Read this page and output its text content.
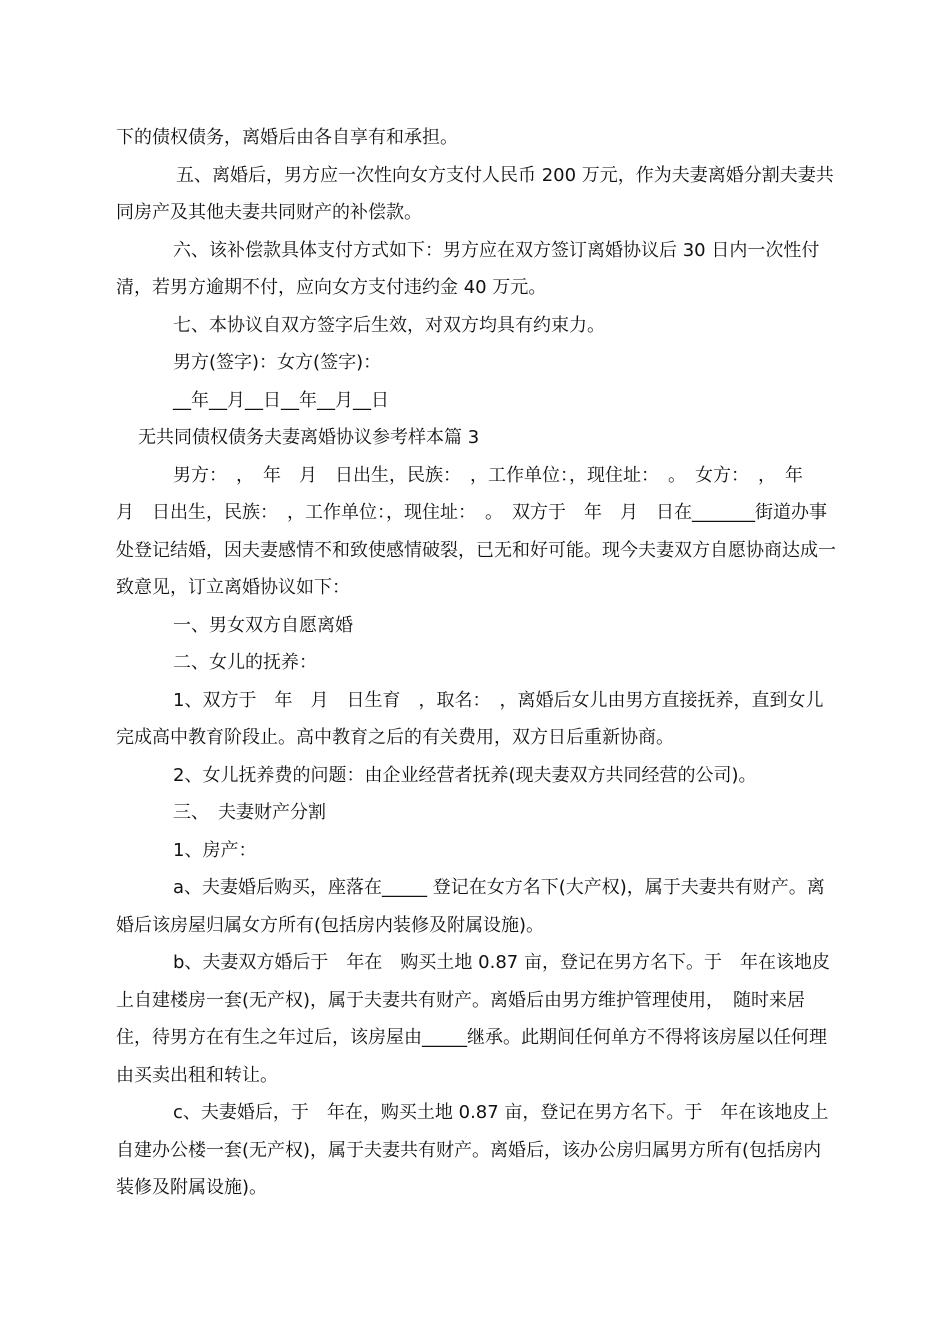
下的债权债务，离婚后由各自享有和承担。

五、离婚后，男方应一次性向女方支付人民币 200 万元，作为夫妻离婚分割夫妻共同房产及其他夫妻共同财产的补偿款。

六、该补偿款具体支付方式如下：男方应在双方签订离婚协议后 30 日内一次性付清，若男方逾期不付，应向女方支付违约金 40 万元。

七、本协议自双方签字后生效，对双方均具有约束力。

男方(签字)：女方(签字)：

__年__月__日__年__月__日

无共同债权债务夫妻离婚协议参考样本篇 3

男方：　，　年　月　日出生，民族：　，工作单位：，现住址：　。　女方：　，　年　月　日出生，民族：　，工作单位：，现住址：　。　双方于　年　月　日在_______街道办事处登记结婚，因夫妻感情不和致使感情破裂，已无和好可能。现今夫妻双方自愿协商达成一致意见，订立离婚协议如下：

一、男女双方自愿离婚

二、女儿的抚养：

1、双方于　年　月　日生育　，取名：　，离婚后女儿由男方直接抚养，直到女儿完成高中教育阶段止。高中教育之后的有关费用，双方日后重新协商。

2、女儿抚养费的问题：由企业经营者抚养(现夫妻双方共同经营的公司)。

三、　夫妻财产分割

1、房产：

a、夫妻婚后购买，座落在_____ 登记在女方名下(大产权)，属于夫妻共有财产。离婚后该房屋归属女方所有(包括房内装修及附属设施)。

b、夫妻双方婚后于　年在　购买土地 0.87 亩，登记在男方名下。于　年在该地皮上自建楼房一套(无产权)，属于夫妻共有财产。离婚后由男方维护管理使用，　随时来居住，待男方在有生之年过后，该房屋由_____继承。此期间任何单方不得将该房屋以任何理由买卖出租和转让。

c、夫妻婚后，于　年在，购买土地 0.87 亩，登记在男方名下。于　年在该地皮上自建办公楼一套(无产权)，属于夫妻共有财产。离婚后，该办公房归属男方所有(包括房内装修及附属设施)。
